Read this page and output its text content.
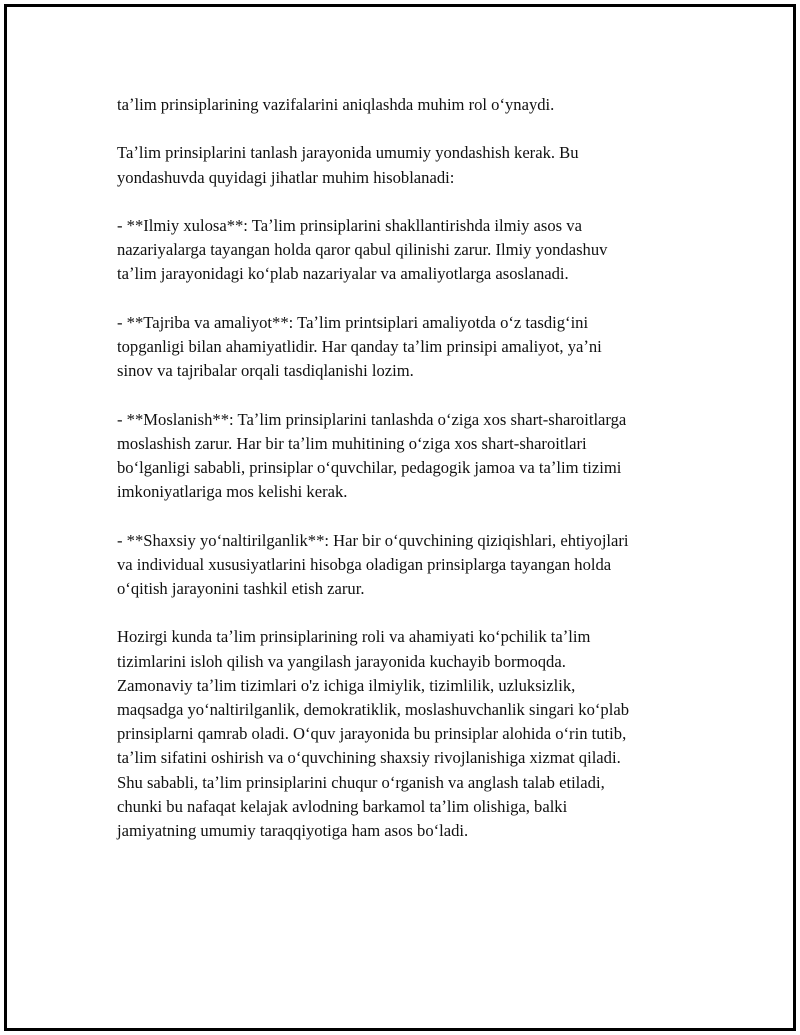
taʼlim prinsiplarining vazifalarini aniqlashda muhim rol oʻynaydi.

Taʼlim prinsiplarini tanlash jarayonida umumiy yondashish kerak. Bu
yondashuvda quyidagi jihatlar muhim hisoblanadi:

- **Ilmiy xulosa**: Taʼlim prinsiplarini shakllantirishda ilmiy asos va
nazariyalarga tayangan holda qaror qabul qilinishi zarur. Ilmiy yondashuv
taʼlim jarayonidagi koʻplab nazariyalar va amaliyotlarga asoslanadi.

- **Tajriba va amaliyot**: Taʼlim printsiplari amaliyotda oʻz tasdigʻini
topganligi bilan ahamiyatlidir. Har qanday taʼlim prinsipi amaliyot, yaʼni
sinov va tajribalar orqali tasdiqlanishi lozim.

- **Moslanish**: Taʼlim prinsiplarini tanlashda oʻziga xos shart-sharoitlarga
moslashish zarur. Har bir taʼlim muhitining oʻziga xos shart-sharoitlari
boʻlganligi sababli, prinsiplar oʻquvchilar, pedagogik jamoa va taʼlim tizimi
imkoniyatlariga mos kelishi kerak.

- **Shaxsiy yoʻnaltirilganlik**: Har bir oʻquvchining qiziqishlari, ehtiyojlari
va individual xususiyatlarini hisobga oladigan prinsiplarga tayangan holda
oʻqitish jarayonini tashkil etish zarur.

Hozirgi kunda taʼlim prinsiplarining roli va ahamiyati koʻpchilik taʼlim
tizimlarini isloh qilish va yangilash jarayonida kuchayib bormoqda.
Zamonaviy taʼlim tizimlari o'z ichiga ilmiylik, tizimlilik, uzluksizlik,
maqsadga yoʻnaltirilganlik, demokratiklik, moslashuvchanlik singari koʻplab
prinsiplarni qamrab oladi. Oʻquv jarayonida bu prinsiplar alohida oʻrin tutib,
taʼlim sifatini oshirish va oʻquvchining shaxsiy rivojlanishiga xizmat qiladi.
Shu sababli, taʼlim prinsiplarini chuqur oʻrganish va anglash talab etiladi,
chunki bu nafaqat kelajak avlodning barkamol taʼlim olishiga, balki
jamiyatning umumiy taraqqiyotiga ham asos boʻladi.
